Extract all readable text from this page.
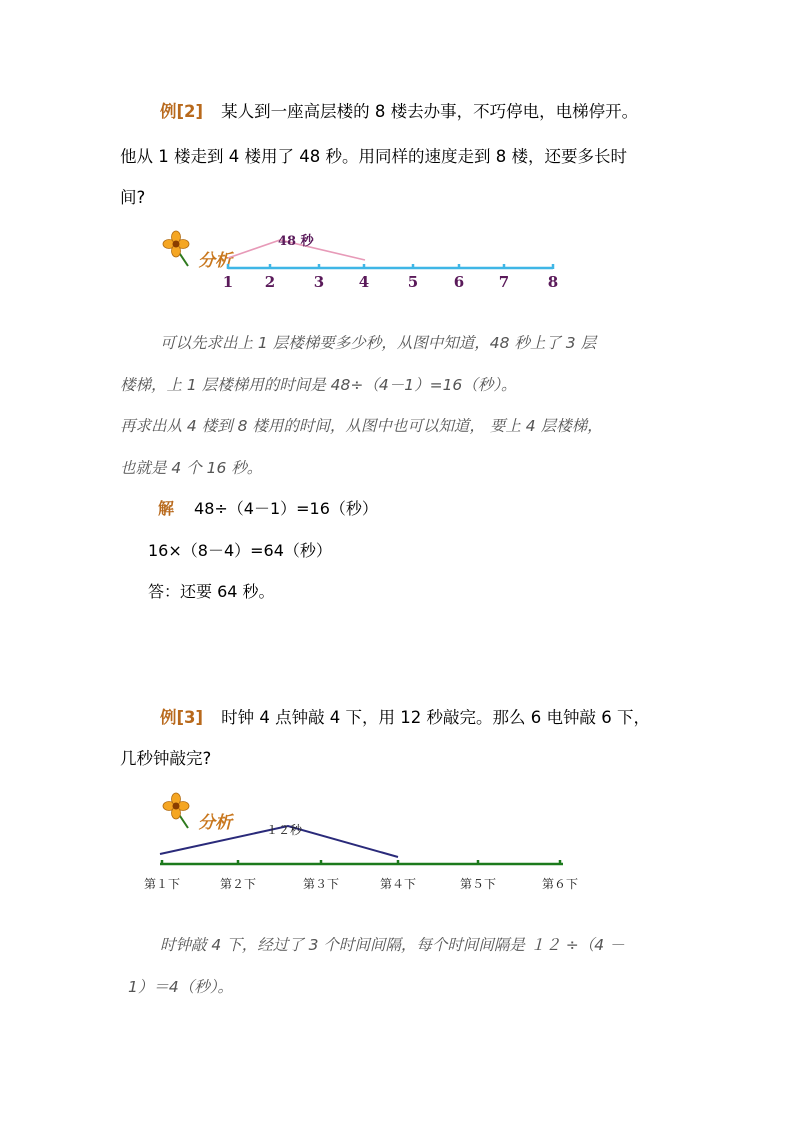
例[2] 某人到一座高层楼的 8 楼去办事，不巧停电，电梯停开。
他从 1 楼走到 4 楼用了 48 秒。用同样的速度走到 8 楼，还要多长时
间?
分析
48 秒
1 2	3 4	5 6 7	8
可以先求出上 1 层楼梯要多少秒，从图中知道，48 秒上了 3 层
楼梯，上 1 层楼梯用的时间是 48÷（4－1）=16（秒）。
再求出从 4 楼到 8 楼用的时间，从图中也可以知道， 要上 4 层楼梯，
也就是 4 个 16 秒。
解 48÷（4－1）=16（秒）
16×（8－4）=64（秒）
答：还要 64 秒。
例[3] 时钟 4 点钟敲 4 下，用 12 秒敲完。那么 6 电钟敲 6 下，
几秒钟敲完?
分析	１２秒
第１下	第２下	第３下	第４下	第５下	第６下
时钟敲 4 下，经过了 3 个时间间隔，每个时间间隔是 １２ ÷（4 －
1）＝4（秒）。
